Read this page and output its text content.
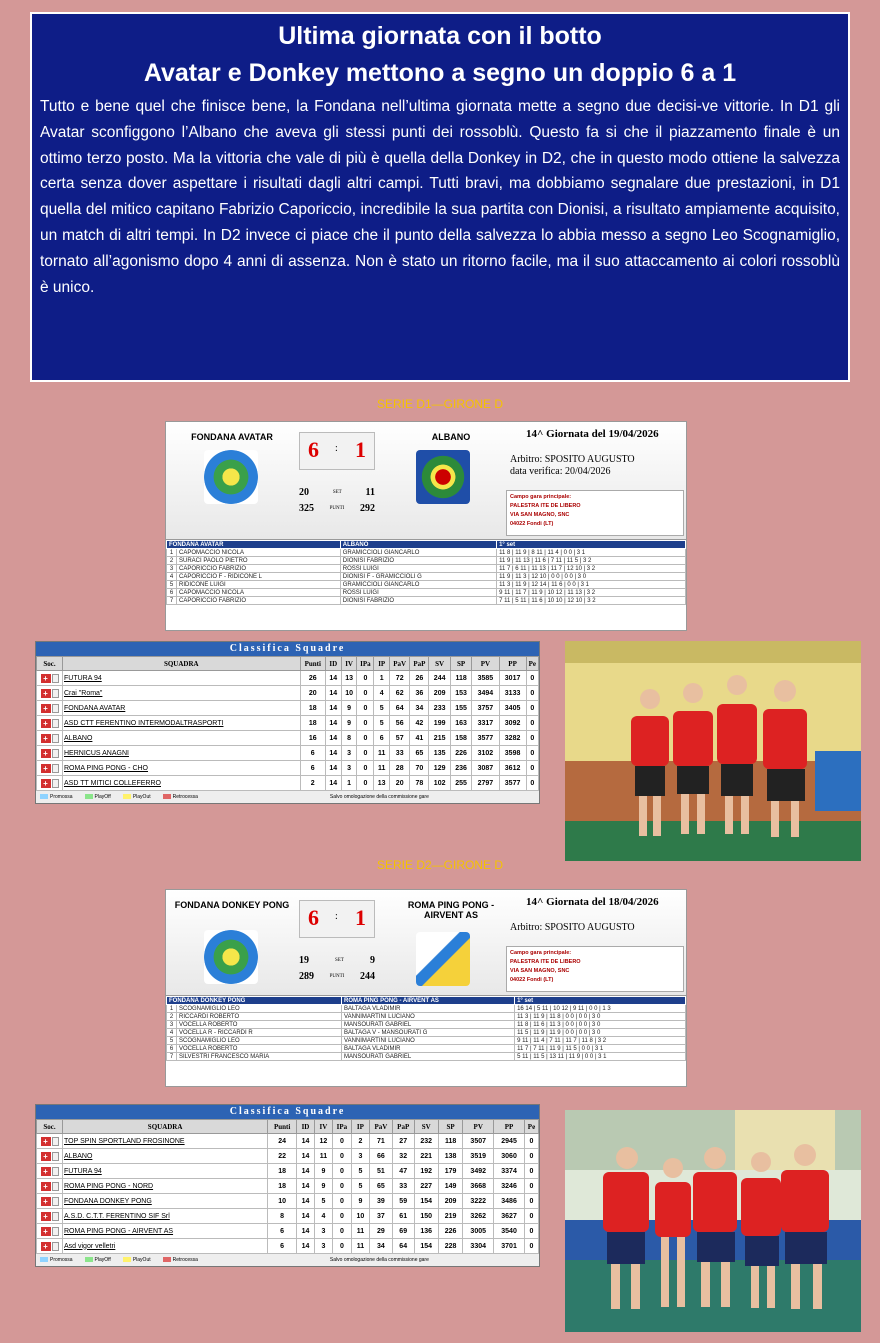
Ultima giornata con il botto
Avatar e Donkey mettono a segno un doppio 6 a 1
Tutto e bene quel che finisce bene, la Fondana nell’ultima giornata mette a segno due decisi-ve vittorie. In D1 gli Avatar sconfiggono l’Albano che aveva gli stessi punti dei rossoblù. Questo fa si che il piazzamento finale è un ottimo terzo posto. Ma la vittoria che vale di più è quella della Donkey in D2, che in questo modo ottiene la salvezza certa senza dover aspettare i risultati dagli altri campi. Tutti bravi, ma dobbiamo segnalare due prestazioni, in D1 quella del mitico capitano Fabrizio Caporiccio, incredibile la sua partita con Dionisi, a risultato ampiamente acquisito, un match di altri tempi. In D2 invece ci piace che il punto della salvezza lo abbia messo a segno Leo Scognamiglio, tornato all’agonismo dopo 4 anni di assenza. Non è stato un ritorno facile, ma il suo attaccamento ai colori rossoblù è unico.
SERIE D1—GIRONE D
FONDANA AVATAR	6 : 1
20	SET 11
325	PUNTI 292
ALBANO	14^ Giornata del 19/04/2026
Arbitro: SPOSITO AUGUSTO
data verifica: 20/04/2026
Campo gara principale:
PALESTRA ITE DE LIBERO
VIA SAN MAGNO, SNC
04022 Fondi (LT)
FONDANA AVATAR		ALBANO	1° set
1	CAPOMACCIO NICOLA	GRAMICCIOLI GIANCARLO	11 8 | 11 9 | 8 11 | 11 4 | 0 0 | 3 1
2	SURACI PAOLO PIETRO	DIONISI FABRIZIO	11 9 | 11 13 | 11 6 | 7 11 | 11 5 | 3 2
3	CAPORICCIO FABRIZIO	ROSSI LUIGI	11 7 | 6 11 | 11 13 | 11 7 | 12 10 | 3 2
4	CAPORICCIO F - RIDICONE L	DIONISI F - GRAMICCIOLI G	11 9 | 11 3 | 12 10 | 0 0 | 0 0 | 3 0
5	RIDICONE LUIGI	GRAMICCIOLI GIANCARLO	11 3 | 11 9 | 12 14 | 11 6 | 0 0 | 3 1
6	CAPOMACCIO NICOLA	ROSSI LUIGI	9 11 | 11 7 | 11 9 | 10 12 | 11 13 | 3 2
7	CAPORICCIO FABRIZIO	DIONISI FABRIZIO	7 11 | 5 11 | 11 6 | 10 10 | 12 10 | 3 2
Classifica Squadre
Soc.	SQUADRA	Punti	ID	IV	IPa	IP	PaV	PaP	SV	SP	PV	PP	Pe
+	FUTURA 94	26	14	13	0	1	72	26	244	118	3585	3017	0
+	Crai "Roma"	20	14	10	0	4	62	36	209	153	3494	3133	0
+	FONDANA AVATAR	18	14	9	0	5	64	34	233	155	3757	3405	0
+	ASD CTT FERENTINO INTERMODALTRASPORTI	18	14	9	0	5	56	42	199	163	3317	3092	0
+	ALBANO	16	14	8	0	6	57	41	215	158	3577	3282	0
+	HERNICUS ANAGNI	6	14	3	0	11	33	65	135	226	3102	3598	0
+	ROMA PING PONG - CHO	6	14	3	0	11	28	70	129	236	3087	3612	0
+	ASD TT MITICI COLLEFERRO	2	14	1	0	13	20	78	102	255	2797	3577	0
Promossa	PlayOff	PlayOut	Retrocessa	Salvo omologazione della commissione gare
SERIE D2—GIRONE D
FONDANA DONKEY PONG 6 : 1
19	SET	9
289	PUNTI 244
ROMA PING PONG - AIRVENT AS
14^ Giornata del 18/04/2026
Arbitro: SPOSITO AUGUSTO
Campo gara principale:
PALESTRA ITE DE LIBERO
VIA SAN MAGNO, SNC
04022 Fondi (LT)
FONDANA DONKEY PONG		ROMA PING PONG - AIRVENT AS	1° set
1	SCOGNAMIGLIO LEO	BALTAGA VLADIMIR	16 14 | 5 11 | 10 12 | 9 11 | 0 0 | 1 3
2	RICCARDI ROBERTO	VANNIMARTINI LUCIANO	11 3 | 11 9 | 11 8 | 0 0 | 0 0 | 3 0
3	VOCELLA ROBERTO	MANSOURATI GABRIEL	11 8 | 11 6 | 11 3 | 0 0 | 0 0 | 3 0
4	VOCELLA R - RICCARDI R	BALTAGA V - MANSOURATI G	11 5 | 11 9 | 11 9 | 0 0 | 0 0 | 3 0
5	SCOGNAMIGLIO LEO	VANNIMARTINI LUCIANO	9 11 | 11 4 | 7 11 | 11 7 | 11 8 | 3 2
6	VOCELLA ROBERTO	BALTAGA VLADIMIR	11 7 | 7 11 | 11 9 | 11 5 | 0 0 | 3 1
7	SILVESTRI FRANCESCO MARIA	MANSOURATI GABRIEL	5 11 | 11 5 | 13 11 | 11 9 | 0 0 | 3 1
Classifica Squadre
Soc.	SQUADRA	Punti	ID	IV	IPa	IP	PaV	PaP	SV	SP	PV	PP	Pe
+	TOP SPIN SPORTLAND FROSINONE	24	14	12	0	2	71	27	232	118	3507	2945	0
+	ALBANO	22	14	11	0	3	66	32	221	138	3519	3060	0
+	FUTURA 94	18	14	9	0	5	51	47	192	179	3492	3374	0
+	ROMA PING PONG - NORD	18	14	9	0	5	65	33	227	149	3668	3246	0
+	FONDANA DONKEY PONG	10	14	5	0	9	39	59	154	209	3222	3486	0
+	A.S.D. C.T.T. FERENTINO SIF Srl	8	14	4	0	10	37	61	150	219	3262	3627	0
+	ROMA PING PONG - AIRVENT AS	6	14	3	0	11	29	69	136	226	3005	3540	0
+	Asd vigor velletri	6	14	3	0	11	34	64	154	228	3304	3701	0
Promossa	PlayOff	PlayOut	Retrocessa	Salvo omologazione della commissione gare
